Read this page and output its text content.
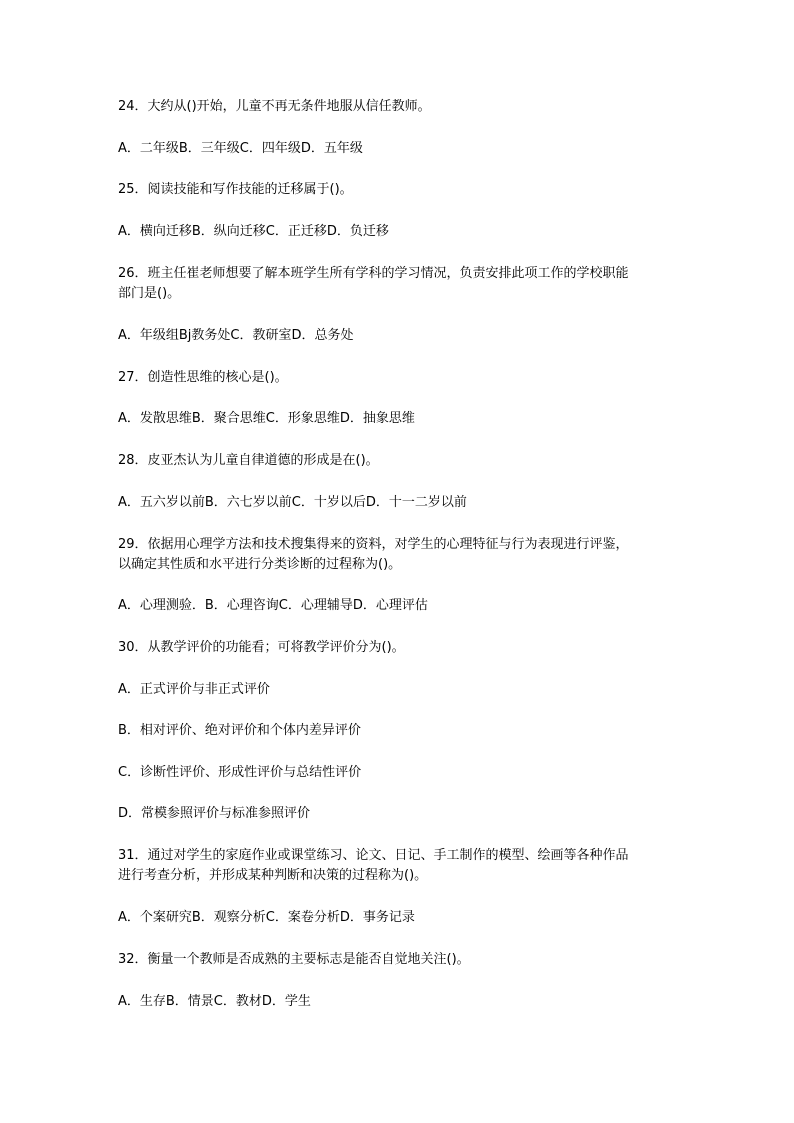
24．大约从()开始，儿童不再无条件地服从信任教师。
A．二年级B．三年级C．四年级D．五年级
25．阅读技能和写作技能的迁移属于()。
A．横向迁移B．纵向迁移C．正迁移D．负迁移
26．班主任崔老师想要了解本班学生所有学科的学习情况，负责安排此项工作的学校职能
部门是()。
A．年级组Bj教务处C．教研室D．总务处
27．创造性思维的核心是()。
A．发散思维B．聚合思维C．形象思维D．抽象思维
28．皮亚杰认为儿童自律道德的形成是在()。
A．五六岁以前B．六七岁以前C．十岁以后D．十一二岁以前
29．依据用心理学方法和技术搜集得来的资料，对学生的心理特征与行为表现进行评鉴，
以确定其性质和水平进行分类诊断的过程称为()。
A．心理测验．B．心理咨询C．心理辅导D．心理评估
30．从教学评价的功能看；可将教学评价分为()。
A．正式评价与非正式评价
B．相对评价、绝对评价和个体内差异评价
C．诊断性评价、形成性评价与总结性评价
D．常模参照评价与标准参照评价
31．通过对学生的家庭作业或课堂练习、论文、日记、手工制作的模型、绘画等各种作品
进行考查分析，并形成某种判断和决策的过程称为()。
A．个案研究B．观察分析C．案卷分析D．事务记录
32．衡量一个教师是否成熟的主要标志是能否自觉地关注()。
A．生存B．情景C．教材D．学生
